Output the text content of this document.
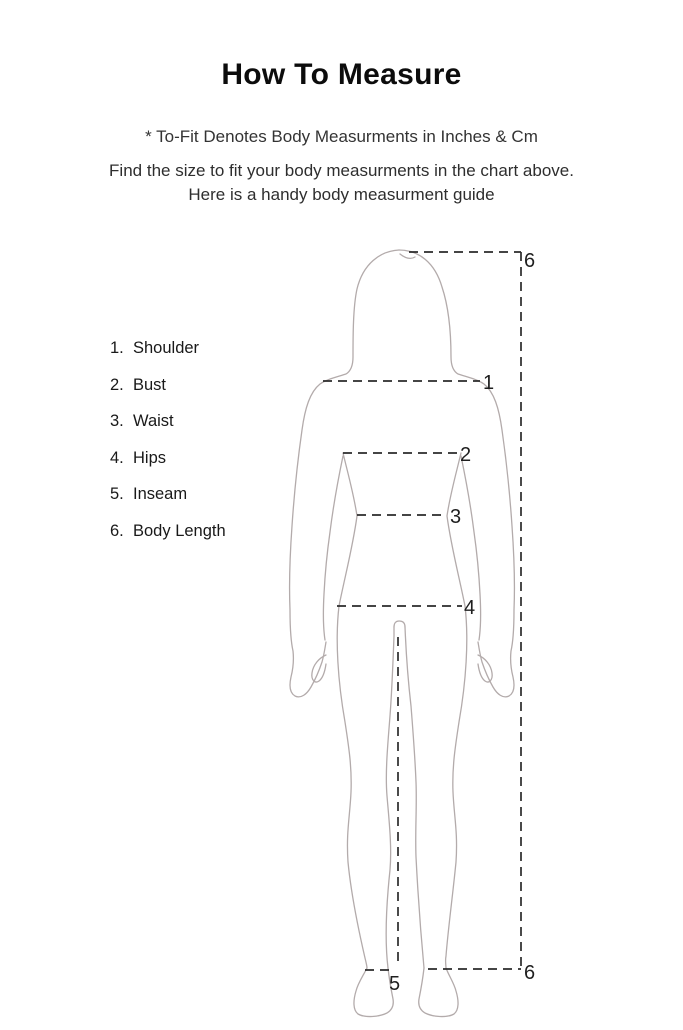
How To Measure
* To-Fit Denotes Body Measurments in Inches & Cm
Find the size to fit your body measurments in the chart above.
Here is a handy body measurment guide
1. Shoulder
2. Bust
3. Waist
4. Hips
5. Inseam
6. Body Length
1
2
3
4
5
6
6
